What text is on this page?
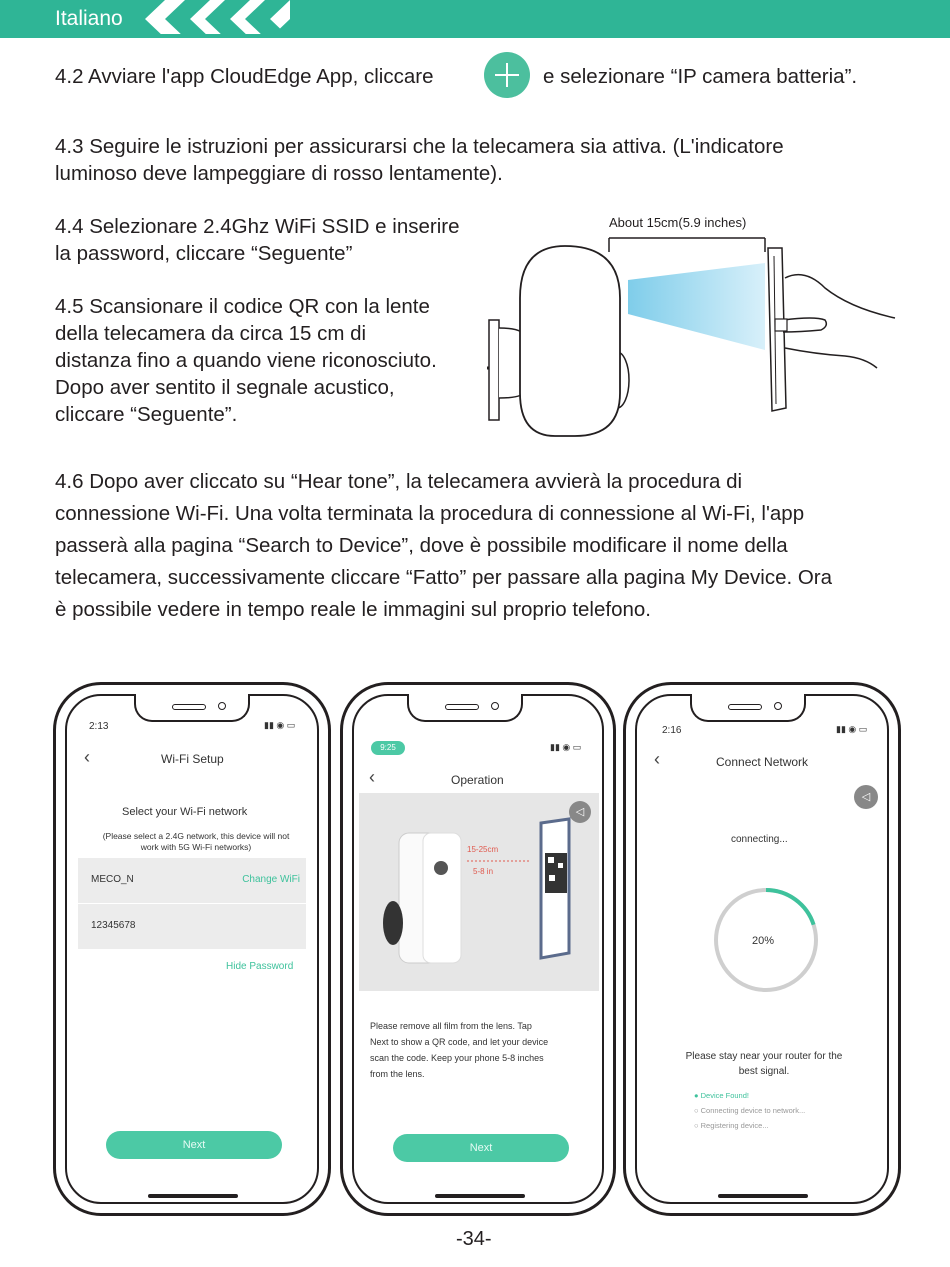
Italiano
4.2 Avviare l'app CloudEdge App, cliccare	e selezionare “IP camera batteria”.
4.3 Seguire le istruzioni per assicurarsi che la telecamera sia attiva. (L'indicatore
luminoso deve lampeggiare di rosso lentamente).
4.4 Selezionare 2.4Ghz WiFi SSID e inserire
la password, cliccare “Seguente”
4.5 Scansionare il codice QR con la lente
della telecamera da circa 15 cm di
distanza fino a quando viene riconosciuto.
Dopo aver sentito il segnale acustico,
cliccare “Seguente”.
About 15cm(5.9 inches)
4.6 Dopo aver cliccato su “Hear tone”, la telecamera avvierà la procedura di
connessione Wi-Fi. Una volta terminata la procedura di connessione al Wi-Fi, l'app
passerà alla pagina “Search to Device”, dove è possibile modificare il nome della
telecamera, successivamente cliccare “Fatto” per passare alla pagina My Device. Ora
è possibile vedere in tempo reale le immagini sul proprio telefono.
2:13	▮▮ ◉ ▭
‹	Wi-Fi Setup
Select your Wi-Fi network
(Please select a 2.4G network, this device will not
work with 5G Wi-Fi networks)
MECO_N	Change WiFi
12345678
Hide Password
Next
9:25	▮▮ ◉ ▭
‹	Operation
◁
15-25cm
5-8 in
Please remove all film from the lens. Tap
Next to show a QR code, and let your device
scan the code. Keep your phone 5-8 inches
from the lens.
Next
2:16	▮▮ ◉ ▭
‹	Connect Network
◁
connecting...
20%
Please stay near your router for the
best signal.
● Device Found!
○ Connecting device to network...
○ Registering device...
-34-
